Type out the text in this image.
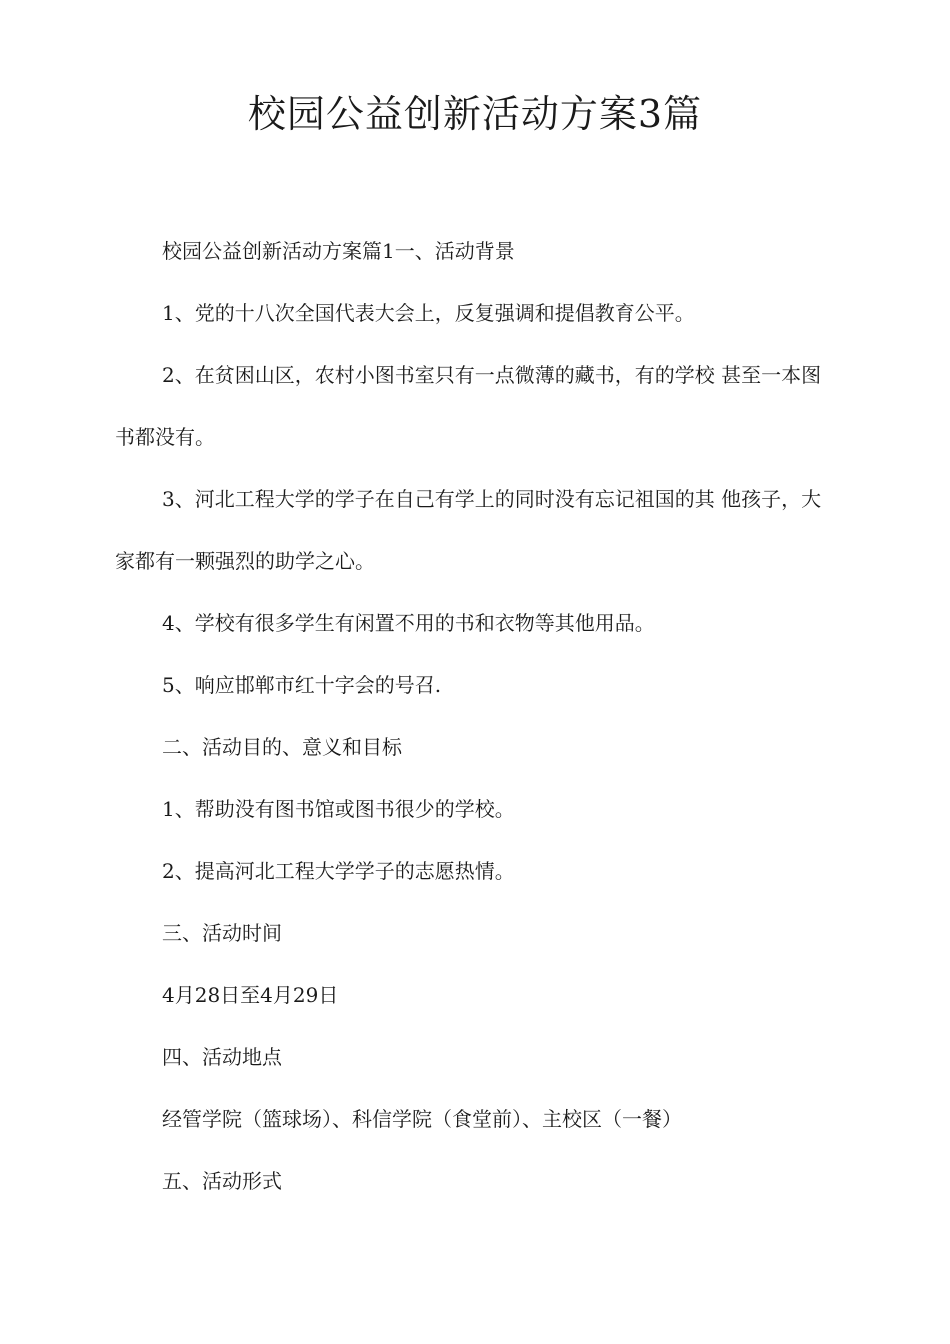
校园公益创新活动方案3篇

校园公益创新活动方案篇1一、活动背景

1、党的十八次全国代表大会上，反复强调和提倡教育公平。

2、在贫困山区，农村小图书室只有一点微薄的藏书，有的学校 甚至一本图书都没有。

3、河北工程大学的学子在自己有学上的同时没有忘记祖国的其 他孩子，大家都有一颗强烈的助学之心。

4、学校有很多学生有闲置不用的书和衣物等其他用品。

5、响应邯郸市红十字会的号召.

二、活动目的、意义和目标

1、帮助没有图书馆或图书很少的学校。

2、提高河北工程大学学子的志愿热情。

三、活动时间

4月28日至4月29日

四、活动地点

经管学院（篮球场）、科信学院（食堂前）、主校区（一餐）

五、活动形式
